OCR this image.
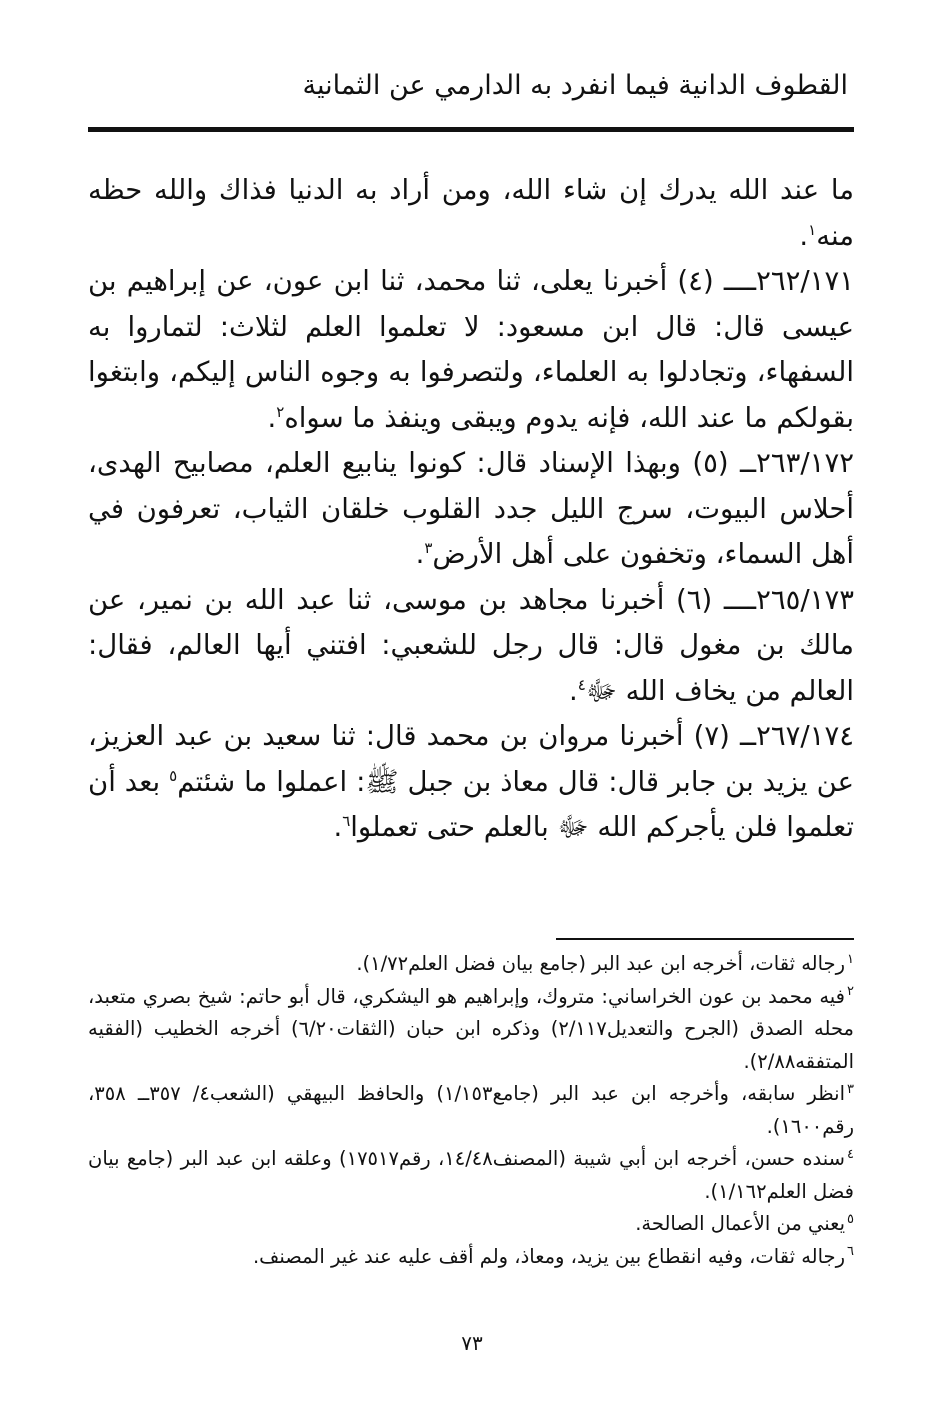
القطوف الدانية فيما انفرد به الدارمي عن الثمانية

ما عند الله يدرك إن شاء الله، ومن أراد به الدنيا فذاك والله حظه منه$^١$.

٢٦٢/١٧١ــــ (٤) أخبرنا يعلى، ثنا محمد، ثنا ابن عون، عن إبراهيم بن عيسى قال: قال ابن مسعود: لا تعلموا العلم لثلاث: لتماروا به السفهاء، وتجادلوا به العلماء، ولتصرفوا به وجوه الناس إليكم، وابتغوا بقولكم ما عند الله، فإنه يدوم ويبقى وينفذ ما سواه$^٢$.

٢٦٣/١٧٢ــ (٥) وبهذا الإسناد قال: كونوا ينابيع العلم، مصابيح الهدى، أحلاس البيوت، سرج الليل جدد القلوب خلقان الثياب، تعرفون في أهل السماء، وتخفون على أهل الأرض$^٣$.

٢٦٥/١٧٣ــــ (٦) أخبرنا مجاهد بن موسى، ثنا عبد الله بن نمير، عن مالك بن مغول قال: قال رجل للشعبي: افتني أيها العالم، فقال: العالم من يخاف الله ﷻ$^٤$.

٢٦٧/١٧٤ــ (٧) أخبرنا مروان بن محمد قال: ثنا سعيد بن عبد العزيز، عن يزيد بن جابر قال: قال معاذ بن جبل ﷺ: اعملوا ما شئتم$^٥$ بعد أن تعلموا فلن يأجركم الله ﷻ بالعلم حتى تعملوا$^٦$.

$^١$رجاله ثقات، أخرجه ابن عبد البر (جامع بيان فضل العلم١/٧٢).

$^٢$فيه محمد بن عون الخراساني: متروك، وإبراهيم هو اليشكري، قال أبو حاتم: شيخ بصري متعبد، محله الصدق (الجرح والتعديل٢/١١٧) وذكره ابن حبان (الثقات٦/٢٠) أخرجه الخطيب (الفقيه المتفقه٢/٨٨).

$^٣$انظر سابقه، وأخرجه ابن عبد البر (جامع١/١٥٣) والحافظ البيهقي (الشعب٤/ ٣٥٧ــ ٣٥٨، رقم١٦٠٠).

$^٤$سنده حسن، أخرجه ابن أبي شيبة (المصنف١٤/٤٨، رقم١٧٥١٧) وعلقه ابن عبد البر (جامع بيان فضل العلم١/١٦٢).

$^٥$يعني من الأعمال الصالحة.

$^٦$رجاله ثقات، وفيه انقطاع بين يزيد، ومعاذ، ولم أقف عليه عند غير المصنف.

٧٣
